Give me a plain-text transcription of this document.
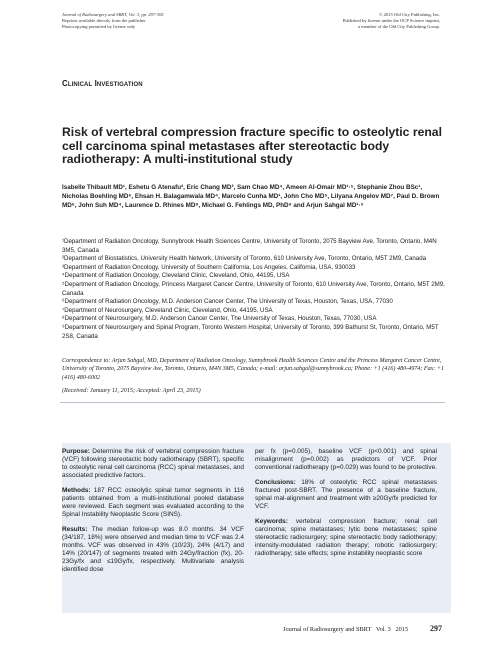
Journal of Radiosurgery and SBRT, Vol. 3, pp. 297-305
Reprints available directly from the publisher
Photocopying permitted by license only
© 2015 Old City Publishing, Inc.
Published by license under the OCP Science imprint,
a member of the Old City Publishing Group.
Clinical Investigation
Risk of vertebral compression fracture specific to osteolytic renal cell carcinoma spinal metastases after stereotactic body radiotherapy: A multi-institutional study
Isabelle Thibault MD¹, Eshetu G Atenafu², Eric Chang MD³, Sam Chao MD⁴, Ameen Al-Omair MD¹·⁵, Stephanie Zhou BSc¹, Nicholas Boehling MD⁶, Ehsan H. Balagamwala MD⁴, Marcelo Cunha MD¹, John Cho MD⁵, Lilyana Angelov MD⁷, Paul D. Brown MD⁶, John Suh MD⁴, Laurence D. Rhines MD⁸, Michael G. Fehlings MD, PhD⁹ and Arjun Sahgal MD¹·⁵
¹Department of Radiation Oncology, Sunnybrook Health Sciences Centre, University of Toronto, 2075 Bayview Ave, Toronto, Ontario, M4N 3M5, Canada
²Department of Biostatistics, University Health Network, University of Toronto, 610 University Ave, Toronto, Ontario, M5T 2M9, Canada
³Department of Radiation Oncology, University of Southern California, Los Angeles, California, USA, 930033
⁴Department of Radiation Oncology, Cleveland Clinic, Cleveland, Ohio, 44195, USA
⁵Department of Radiation Oncology, Princess Margaret Cancer Centre, University of Toronto, 610 University Ave, Toronto, Ontario, M5T 2M9, Canada
⁶Department of Radiation Oncology, M.D. Anderson Cancer Center, The University of Texas, Houston, Texas, USA, 77030
⁷Department of Neurosurgery, Cleveland Clinic, Cleveland, Ohio, 44195, USA
⁸Department of Neurosurgery, M.D. Anderson Cancer Center, The University of Texas, Houston, Texas, 77030, USA
⁹Department of Neurosurgery and Spinal Program, Toronto Western Hospital, University of Toronto, 399 Bathurst St, Toronto, Ontario, M5T 2S8, Canada
Correspondence to: Arjun Sahgal, MD, Department of Radiation Oncology, Sunnybrook Health Sciences Centre and the Princess Margaret Cancer Centre, University of Toronto, 2075 Bayview Ave, Toronto, Ontario, M4N 3M5, Canada; e-mail: arjun.sahgal@sunnybrook.ca; Phone: +1 (416) 480-4974; Fax: +1 (416) 480-6002
(Received: January 11, 2015; Accepted: April 23, 2015)

Purpose: Determine the risk of vertebral compression fracture (VCF) following stereotactic body radiotherapy (SBRT), specific to osteolytic renal cell carcinoma (RCC) spinal metastases, and associated predictive factors.

Methods: 187 RCC osteolytic spinal tumor segments in 116 patients obtained from a multi-institutional pooled database were reviewed. Each segment was evaluated according to the Spinal Instability Neoplastic Score (SINS).

Results: The median follow-up was 8.0 months. 34 VCF (34/187, 18%) were observed and median time to VCF was 2.4 months. VCF was observed in 43% (10/23), 24% (4/17) and 14% (20/147) of segments treated with 24Gy/fraction (fx), 20-23Gy/fx and ≤19Gy/fx, respectively. Multivariate analysis identified dose

per fx (p=0.005), baseline VCF (p<0.001) and spinal misalignment (p=0.002) as predictors of VCF. Prior conventional radiotherapy (p=0.029) was found to be protective.

Conclusions: 18% of osteolytic RCC spinal metastases fractured post-SBRT. The presence of a baseline fracture, spinal mal-alignment and treatment with ≥20Gy/fx predicted for VCF.

Keywords: vertebral compression fracture; renal cell carcinoma; spine metastases; lytic bone metastases; spine stereotactic radiosurgery; spine stereotactic body radiotherapy; intensity-modulated radiation therapy; robotic radiosurgery; radiotherapy; side effects; spine instability neoplastic score

Journal of Radiosurgery and SBRT   Vol. 3   2015	297
